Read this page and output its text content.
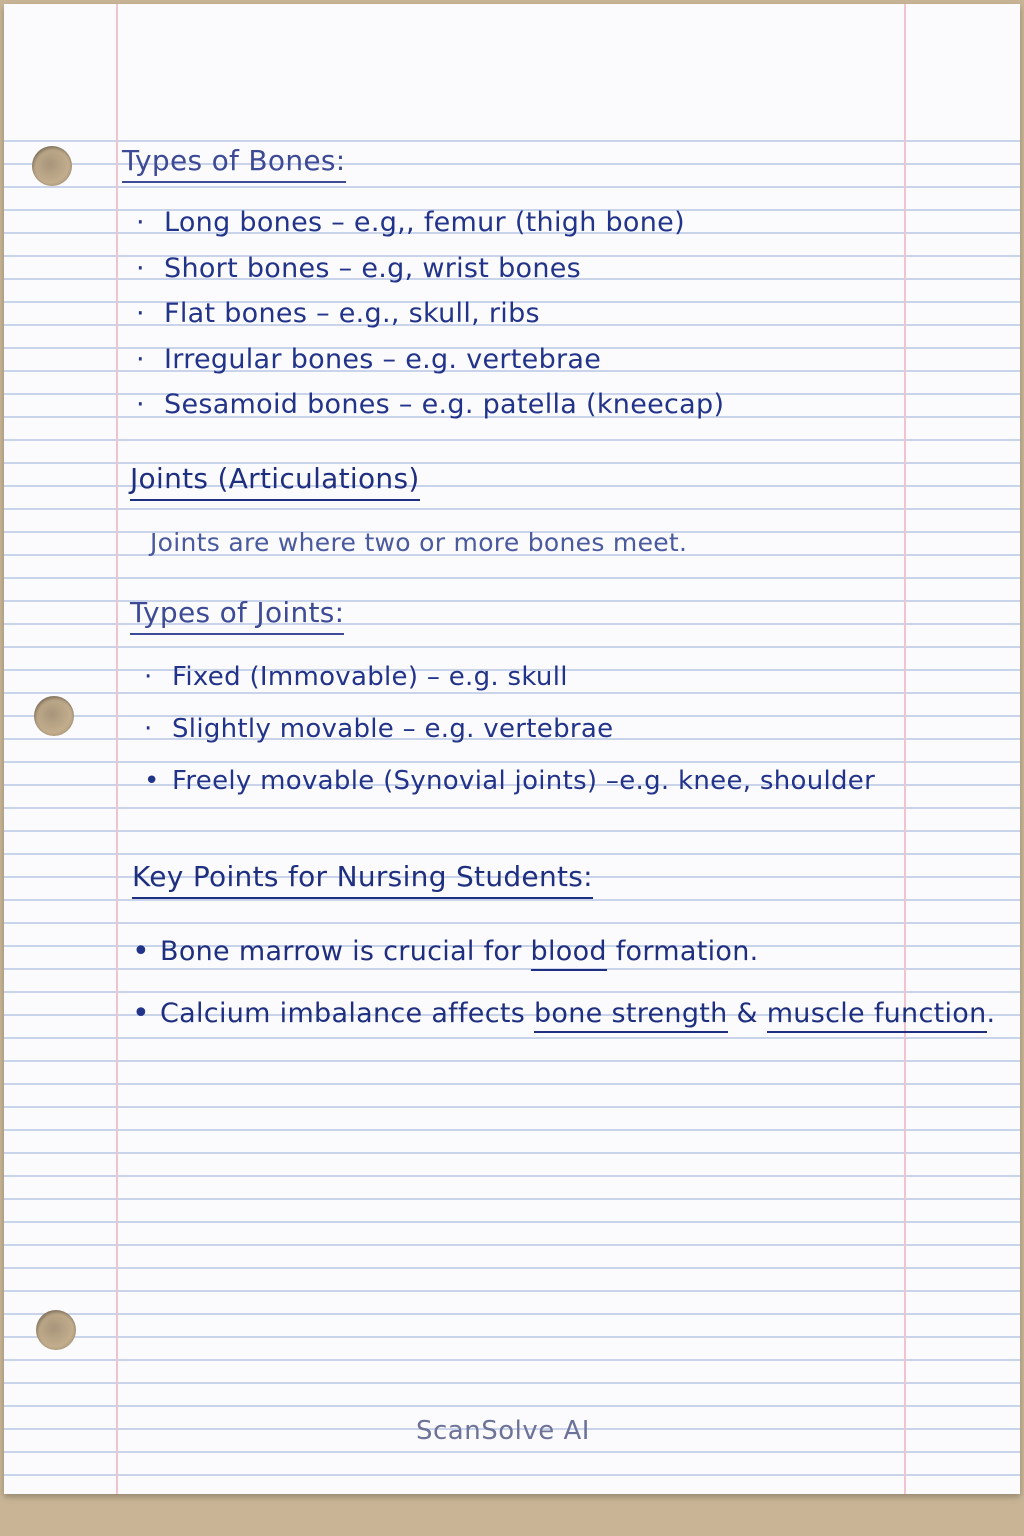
Types of Bones:
· Long bones – e.g,, femur (thigh bone)
· Short bones – e.g, wrist bones
· Flat bones – e.g., skull, ribs
· Irregular bones – e.g. vertebrae
· Sesamoid bones – e.g. patella (kneecap)
Joints (Articulations)
Joints are where two or more bones meet.
Types of Joints:
· Fixed (Immovable) – e.g. skull
· Slightly movable – e.g. vertebrae
• Freely movable (Synovial joints) –e.g. knee, shoulder
Key Points for Nursing Students:
• Bone marrow is crucial for blood formation.
• Calcium imbalance affects bone strength & muscle function.
ScanSolve AI
